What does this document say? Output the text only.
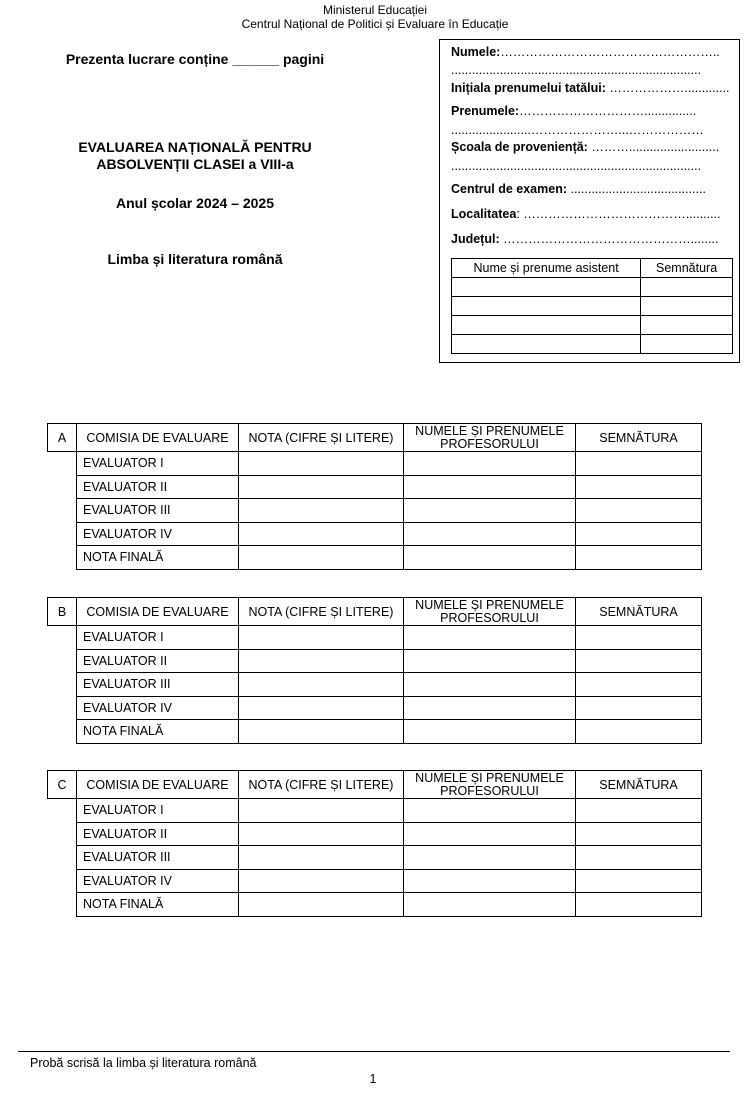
Ministerul Educației
Centrul Național de Politici și Evaluare în Educație
Prezenta lucrare conține ______ pagini
EVALUAREA NAȚIONALĂ PENTRU
ABSOLVENȚII CLASEI a VIII-a
Anul școlar 2024 – 2025
Limba și literatura română
Numele:……………………………………………..
........................................................................
Inițiala prenumelui tatălui: ……………….............
Prenumele:…………………………...............
.......................…………………...………………
Școala de proveniență: ………..........................
........................................................................
Centrul de examen: .......................................
Localitatea: …………………………………..........
Județul: ………………………………………........
Nume și prenume asistent	Semnătura

A	COMISIA DE EVALUARE	NOTA (CIFRE ȘI LITERE)	NUMELE ȘI PRENUMELE PROFESORULUI	SEMNĂTURA
	EVALUATOR I			
	EVALUATOR II			
	EVALUATOR III			
	EVALUATOR IV			
	NOTA FINALĂ			
B	COMISIA DE EVALUARE	NOTA (CIFRE ȘI LITERE)	NUMELE ȘI PRENUMELE PROFESORULUI	SEMNĂTURA
	EVALUATOR I			
	EVALUATOR II			
	EVALUATOR III			
	EVALUATOR IV			
	NOTA FINALĂ			
C	COMISIA DE EVALUARE	NOTA (CIFRE ȘI LITERE)	NUMELE ȘI PRENUMELE PROFESORULUI	SEMNĂTURA
	EVALUATOR I			
	EVALUATOR II			
	EVALUATOR III			
	EVALUATOR IV			
	NOTA FINALĂ			
Probă scrisă la limba și literatura română
1
